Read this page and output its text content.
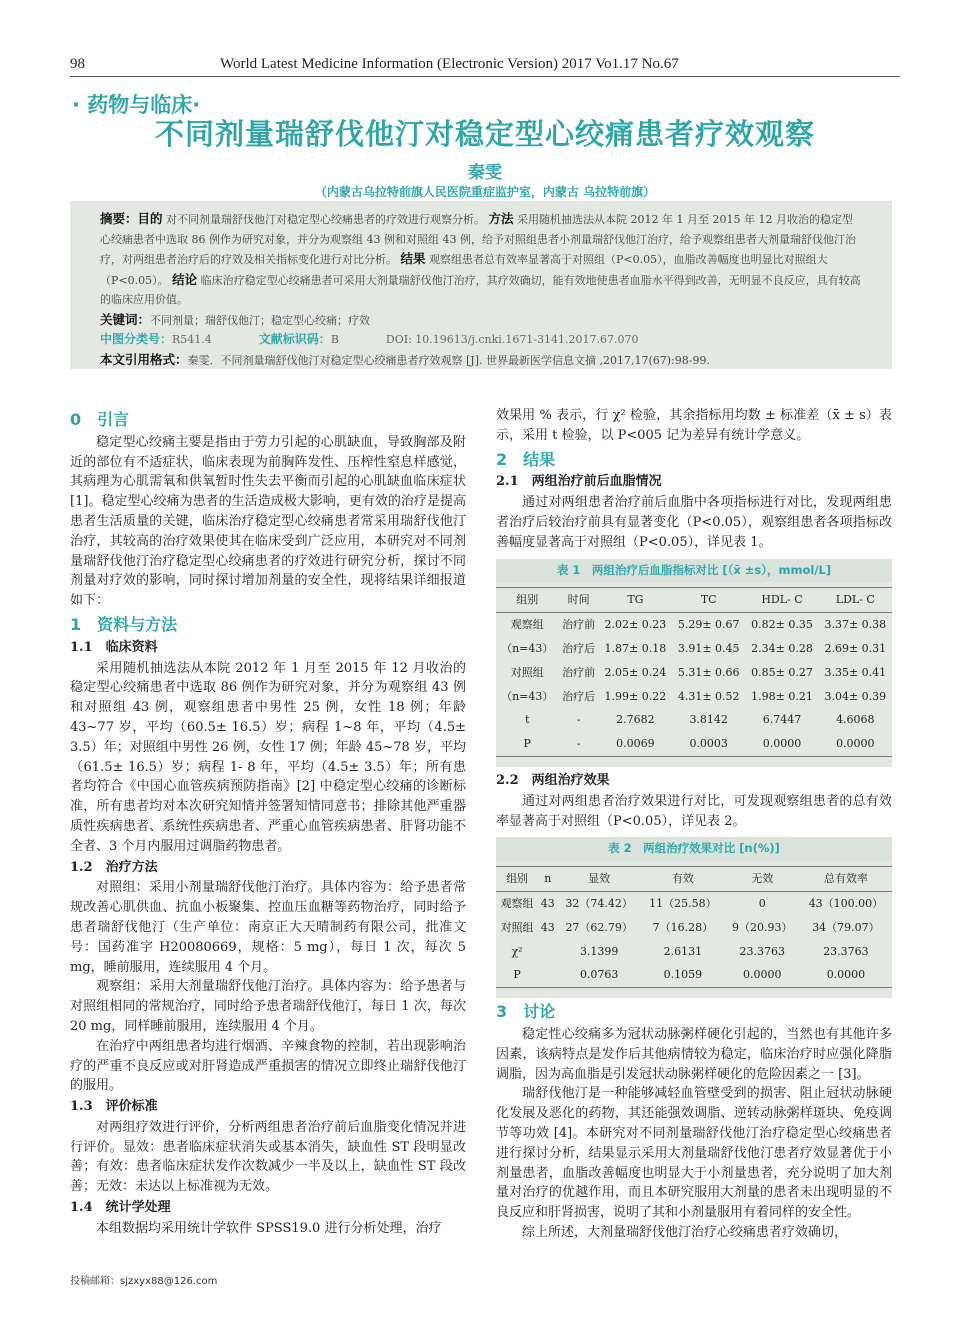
98	World Latest Medicine Information (Electronic Version) 2017 Vo1.17 No.67
· 药物与临床·
不同剂量瑞舒伐他汀对稳定型心绞痛患者疗效观察
秦雯
（内蒙古乌拉特前旗人民医院重症监护室，内蒙古 乌拉特前旗）
摘要：目的 对不同剂量瑞舒伐他汀对稳定型心绞痛患者的疗效进行观察分析。 方法 采用随机抽选法从本院 2012 年 1 月至 2015 年 12 月收治的稳定型心绞痛患者中选取 86 例作为研究对象，并分为观察组 43 例和对照组 43 例，给予对照组患者小剂量瑞舒伐他汀治疗，给予观察组患者大剂量瑞舒伐他汀治疗，对两组患者治疗后的疗效及相关指标变化进行对比分析。 结果 观察组患者总有效率显著高于对照组（P<0.05），血脂改善幅度也明显比对照组大（P<0.05）。 结论 临床治疗稳定型心绞痛患者可采用大剂量瑞舒伐他汀治疗，其疗效确切，能有效地使患者血脂水平得到改善，无明显不良反应，具有较高的临床应用价值。
关键词：不同剂量；瑞舒伐他汀；稳定型心绞痛；疗效
中图分类号：R541.4	文献标识码：B	DOI: 10.19613/j.cnki.1671-3141.2017.67.070
本文引用格式：秦雯．不同剂量瑞舒伐他汀对稳定型心绞痛患者疗效观察 [J]. 世界最新医学信息文摘 ,2017,17(67):98-99.
0　引言

稳定型心绞痛主要是指由于劳力引起的心肌缺血，导致胸部及附近的部位有不适症状，临床表现为前胸阵发性、压榨性窒息样感觉，其病理为心肌需氧和供氧暂时性失去平衡而引起的心肌缺血临床症状 [1]。稳定型心绞痛为患者的生活造成极大影响，更有效的治疗是提高患者生活质量的关键，临床治疗稳定型心绞痛患者常采用瑞舒伐他汀治疗，其较高的治疗效果使其在临床受到广泛应用，本研究对不同剂量瑞舒伐他汀治疗稳定型心绞痛患者的疗效进行研究分析，探讨不同剂量对疗效的影响，同时探讨增加剂量的安全性，现将结果详细报道如下：

1　资料与方法
1.1　临床资料

采用随机抽选法从本院 2012 年 1 月至 2015 年 12 月收治的稳定型心绞痛患者中选取 86 例作为研究对象，并分为观察组 43 例和对照组 43 例，观察组患者中男性 25 例，女性 18 例；年龄 43~77 岁，平均（60.5± 16.5）岁；病程 1~8 年，平均（4.5± 3.5）年；对照组中男性 26 例，女性 17 例；年龄 45~78 岁，平均（61.5± 16.5）岁；病程 1- 8 年，平均（4.5± 3.5）年；所有患者均符合《中国心血管疾病预防指南》[2] 中稳定型心绞痛的诊断标准，所有患者均对本次研究知情并签署知情同意书；排除其他严重器质性疾病患者、系统性疾病患者、严重心血管疾病患者、肝肾功能不全者、3 个月内服用过调脂药物患者。

1.2　治疗方法

对照组：采用小剂量瑞舒伐他汀治疗。具体内容为：给予患者常规改善心肌供血、抗血小板聚集、控血压血糖等药物治疗，同时给予患者瑞舒伐他汀（生产单位：南京正大天晴制药有限公司，批准文号：国药准字 H20080669，规格：5 mg），每日 1 次，每次 5 mg，睡前服用，连续服用 4 个月。

观察组：采用大剂量瑞舒伐他汀治疗。具体内容为：给予患者与对照组相同的常规治疗，同时给予患者瑞舒伐他汀，每日 1 次，每次 20 mg，同样睡前服用，连续服用 4 个月。

在治疗中两组患者均进行烟酒、辛辣食物的控制，若出现影响治疗的严重不良反应或对肝肾造成严重损害的情况立即终止瑞舒伐他汀的服用。

1.3　评价标准

对两组疗效进行评价，分析两组患者治疗前后血脂变化情况并进行评价。显效：患者临床症状消失或基本消失，缺血性 ST 段明显改善；有效：患者临床症状发作次数减少一半及以上，缺血性 ST 段改善；无效：未达以上标准视为无效。

1.4　统计学处理

本组数据均采用统计学软件 SPSS19.0 进行分析处理，治疗

效果用 % 表示，行 χ² 检验，其余指标用均数 ± 标准差（x̄ ± s）表示，采用 t 检验，以 P<005 记为差异有统计学意义。

2　结果
2.1　两组治疗前后血脂情况

通过对两组患者治疗前后血脂中各项指标进行对比，发现两组患者治疗后较治疗前具有显著变化（P<0.05），观察组患者各项指标改善幅度显著高于对照组（P<0.05），详见表 1。

表 1　两组治疗后血脂指标对比 [（x̄ ±s），mmol/L]
组别	时间	TG	TC	HDL- C	LDL- C
观察组	治疗前	2.02± 0.23	5.29± 0.67	0.82± 0.35	3.37± 0.38
（n=43）	治疗后	1.87± 0.18	3.91± 0.45	2.34± 0.28	2.69± 0.31
对照组	治疗前	2.05± 0.24	5.31± 0.66	0.85± 0.27	3.35± 0.41
（n=43）	治疗后	1.99± 0.22	4.31± 0.52	1.98± 0.21	3.04± 0.39
t	-	2.7682	3.8142	6.7447	4.6068
P	-	0.0069	0.0003	0.0000	0.0000
2.2　两组治疗效果

通过对两组患者治疗效果进行对比，可发现观察组患者的总有效率显著高于对照组（P<0.05），详见表 2。

表 2　两组治疗效果对比 [n(%)]
组别	n	显效	有效	无效	总有效率
观察组	43	32（74.42）	11（25.58）	0	43（100.00）
对照组	43	27（62.79）	7（16.28）	9（20.93）	34（79.07）
χ²		3.1399	2.6131	23.3763	23.3763
P		0.0763	0.1059	0.0000	0.0000
3　讨论

稳定性心绞痛多为冠状动脉粥样硬化引起的，当然也有其他许多因素，该病特点是发作后其他病情较为稳定，临床治疗时应强化降脂调脂，因为高血脂是引发冠状动脉粥样硬化的危险因素之一 [3]。

瑞舒伐他汀是一种能够减轻血管壁受到的损害、阻止冠状动脉硬化发展及恶化的药物，其还能强效调脂、逆转动脉粥样斑块、免疫调节等功效 [4]。本研究对不同剂量瑞舒伐他汀治疗稳定型心绞痛患者进行探讨分析，结果显示采用大剂量瑞舒伐他汀患者疗效显著优于小剂量患者，血脂改善幅度也明显大于小剂量患者，充分说明了加大剂量对治疗的优越作用，而且本研究服用大剂量的患者未出现明显的不良反应和肝肾损害，说明了其和小剂量服用有着同样的安全性。

综上所述，大剂量瑞舒伐他汀治疗心绞痛患者疗效确切，

投稿邮箱：sjzxyx88@126.com
